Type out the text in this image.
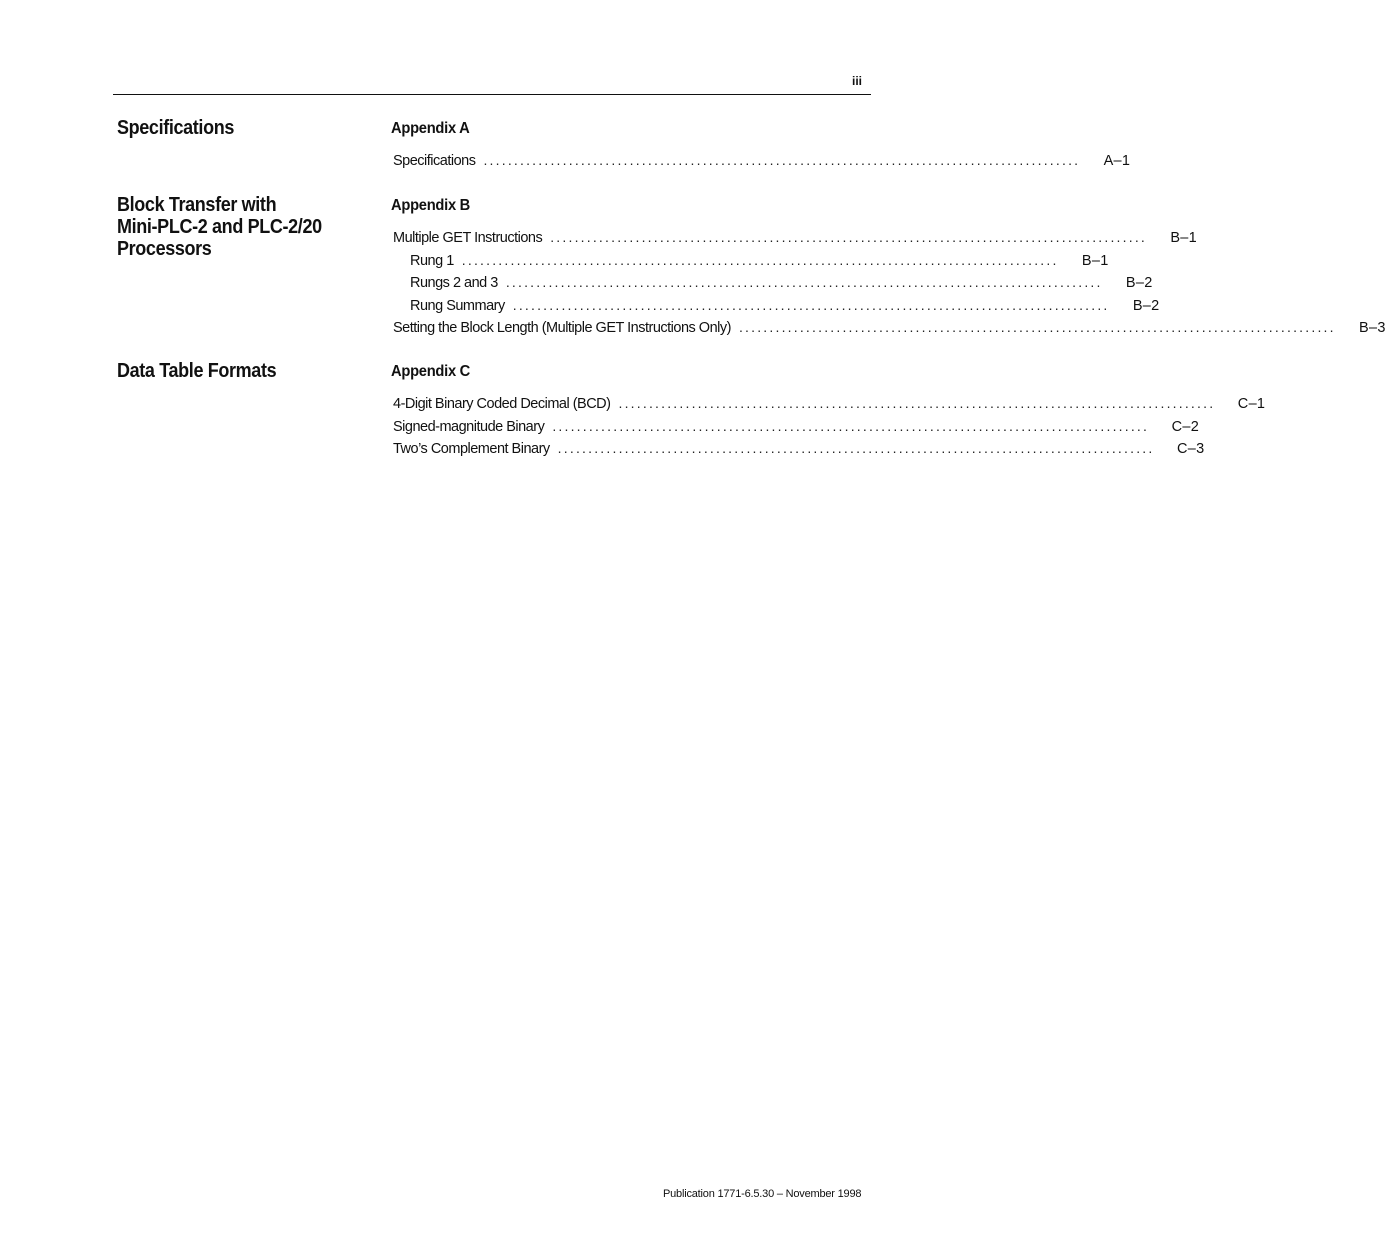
iii
Specifications	Appendix A
Specifications .................................................................................................. A–1
Block Transfer with
Mini-PLC-2 and PLC-2/20
Processors
Appendix B
Multiple GET Instructions .................................................................................................. B–1
Rung 1 .................................................................................................. B–1
Rungs 2 and 3 .................................................................................................. B–2
Rung Summary .................................................................................................. B–2
Setting the Block Length (Multiple GET Instructions Only) .................................................................................................. B–3
Data Table Formats	Appendix C
4-Digit Binary Coded Decimal (BCD) .................................................................................................. C–1
Signed-magnitude Binary .................................................................................................. C–2
Two’s Complement Binary .................................................................................................. C–3
Publication 1771-6.5.30 – November 1998
